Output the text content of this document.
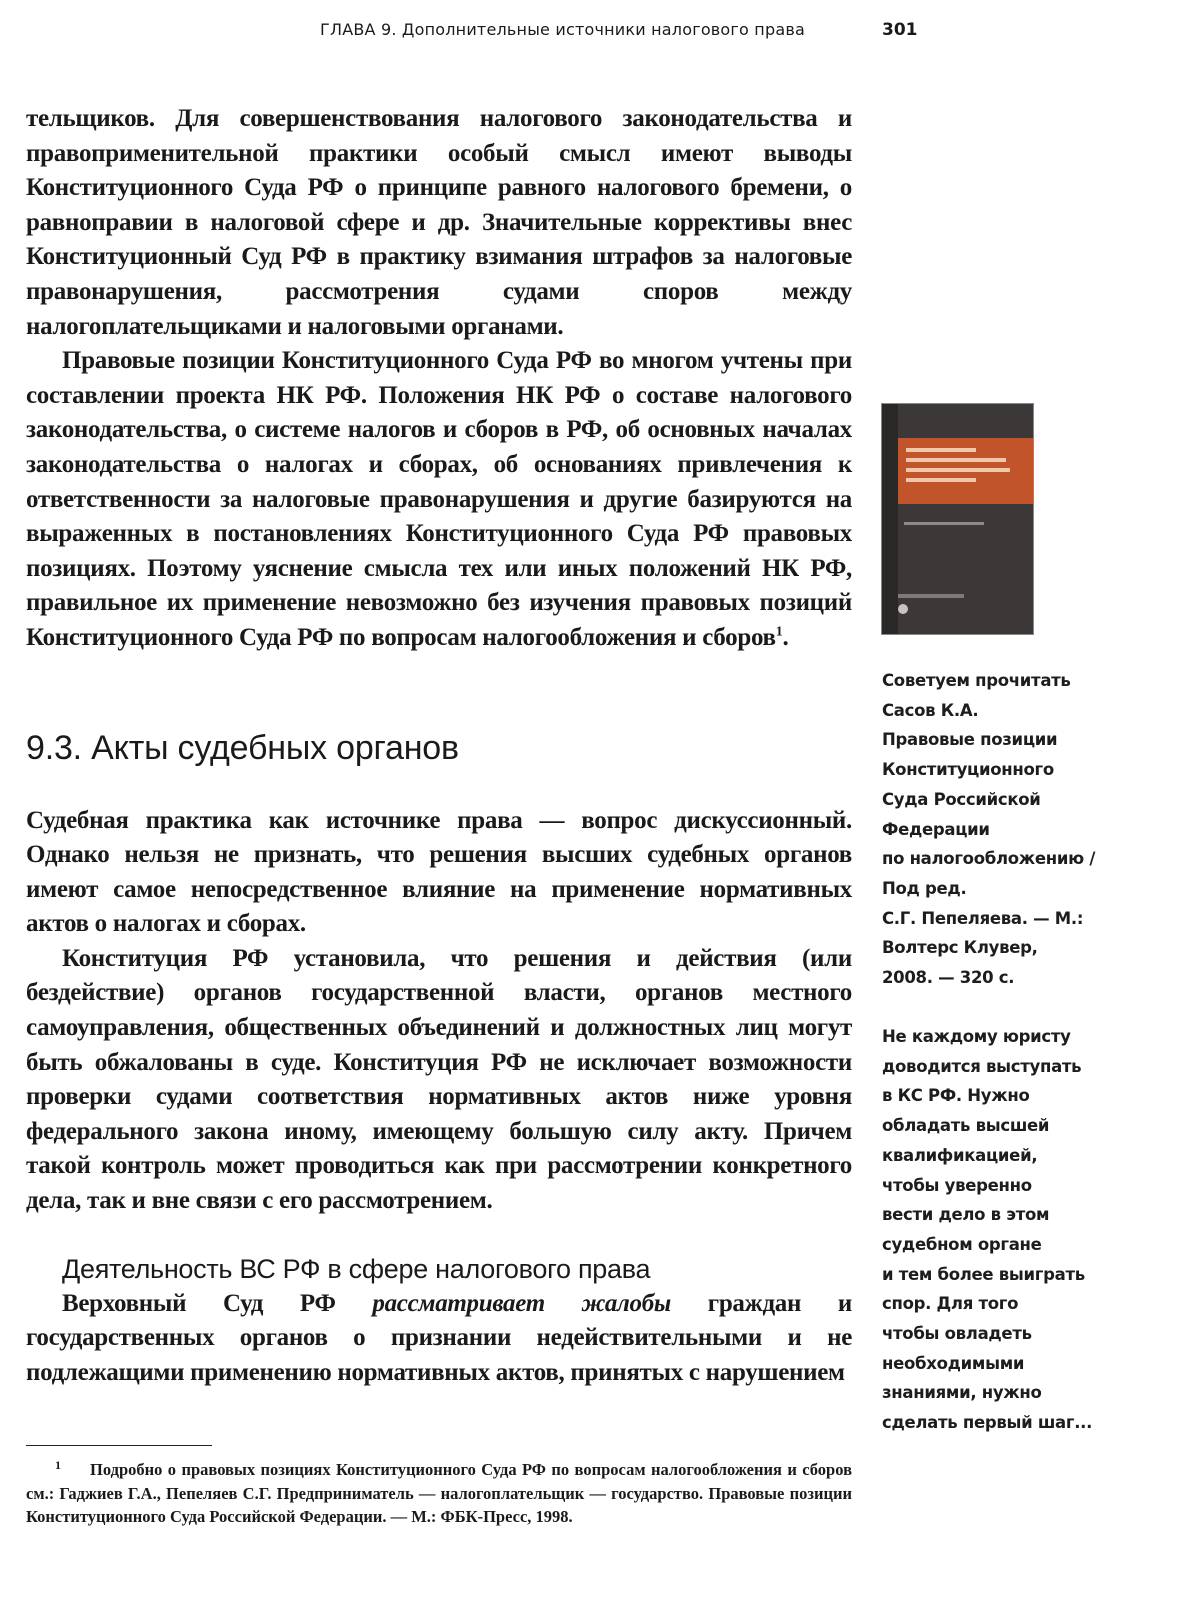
ГЛАВА 9. Дополнительные источники налогового права	301

тельщиков. Для совершенствования налогового законодательства и правоприменительной практики особый смысл имеют выводы Конституционного Суда РФ о принципе равного налогового бремени, о равноправии в налоговой сфере и др. Значительные коррективы внес Конституционный Суд РФ в практику взимания штрафов за налоговые правонарушения, рассмотрения судами споров между налогоплательщиками и налоговыми органами.

Правовые позиции Конституционного Суда РФ во многом учтены при составлении проекта НК РФ. Положения НК РФ о составе налогового законодательства, о системе налогов и сборов в РФ, об основных началах законодательства о налогах и сборах, об основаниях привлечения к ответственности за налоговые правонарушения и другие базируются на выраженных в постановлениях Конституционного Суда РФ правовых позициях. Поэтому уяснение смысла тех или иных положений НК РФ, правильное их применение невозможно без изучения правовых позиций Конституционного Суда РФ по вопросам налогообложения и сборов$^1$.

9.3. Акты судебных органов

Судебная практика как источнике права — вопрос дискуссионный. Однако нельзя не признать, что решения высших судебных органов имеют самое непосредственное влияние на применение нормативных актов о налогах и сборах.

Конституция РФ установила, что решения и действия (или бездействие) органов государственной власти, органов местного самоуправления, общественных объединений и должностных лиц могут быть обжалованы в суде. Конституция РФ не исключает возможности проверки судами соответствия нормативных актов ниже уровня федерального закона иному, имеющему большую силу акту. Причем такой контроль может проводиться как при рассмотрении конкретного дела, так и вне связи с его рассмотрением.

Деятельность ВС РФ в сфере налогового права

Верховный Суд РФ рассматривает жалобы граждан и государственных органов о признании недействительными и не подлежащими применению нормативных актов, принятых с нарушением

1 Подробно о правовых позициях Конституционного Суда РФ по вопросам налогообложения и сборов см.: Гаджиев Г.А., Пепеляев С.Г. Предприниматель — налогоплательщик — государство. Правовые позиции Конституционного Суда Российской Федерации. — М.: ФБК-Пресс, 1998.
Советуем прочитать
Сасов К.А.
Правовые позиции
Конституционного
Суда Российской
Федерации
по налогообложению /
Под ред.
С.Г. Пепеляева. — М.:
Волтерс Клувер,
2008. — 320 с.
Не каждому юристу
доводится выступать
в КС РФ. Нужно
обладать высшей
квалификацией,
чтобы уверенно
вести дело в этом
судебном органе
и тем более выиграть
спор. Для того
чтобы овладеть
необходимыми
знаниями, нужно
сделать первый шаг...
